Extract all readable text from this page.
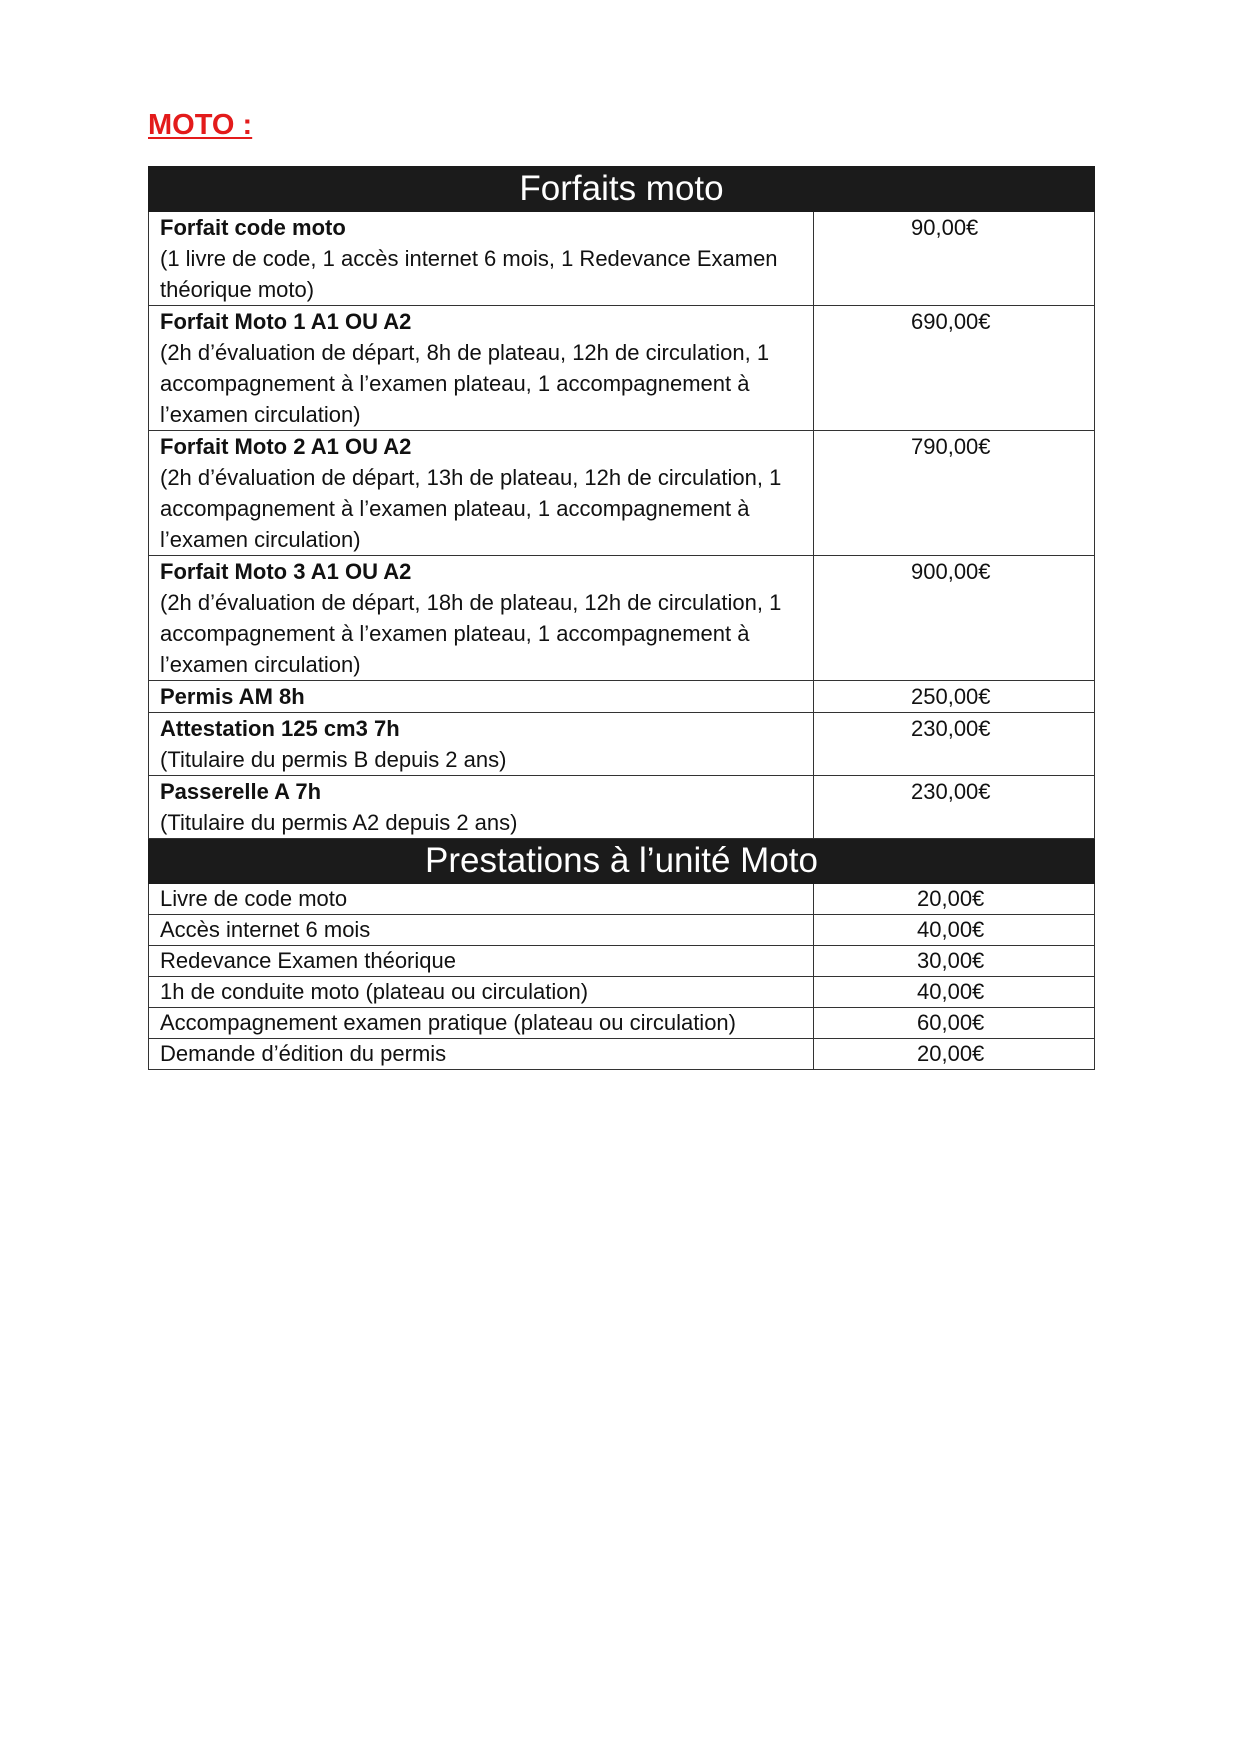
MOTO :
Forfaits moto	

Forfait code moto
(1 livre de code, 1 accès internet 6 mois, 1 Redevance Examen théorique moto)	90,00€

Forfait Moto 1 A1 OU A2
(2h d’évaluation de départ, 8h de plateau, 12h de circulation, 1 accompagnement à l’examen plateau, 1 accompagnement à l’examen circulation)	690,00€

Forfait Moto 2 A1 OU A2
(2h d’évaluation de départ, 13h de plateau, 12h de circulation, 1 accompagnement à l’examen plateau, 1 accompagnement à l’examen circulation)	790,00€

Forfait Moto 3 A1 OU A2
(2h d’évaluation de départ, 18h de plateau, 12h de circulation, 1 accompagnement à l’examen plateau, 1 accompagnement à l’examen circulation)	900,00€

Permis AM 8h	250,00€

Attestation 125 cm3 7h
(Titulaire du permis B depuis 2 ans)	230,00€

Passerelle A 7h
(Titulaire du permis A2 depuis 2 ans)	230,00€
Prestations à l’unité Moto	
Livre de code moto	20,00€
Accès internet 6 mois	40,00€
Redevance Examen théorique	30,00€
1h de conduite moto (plateau ou circulation)	40,00€
Accompagnement examen pratique (plateau ou circulation)	60,00€
Demande d’édition du permis	20,00€
